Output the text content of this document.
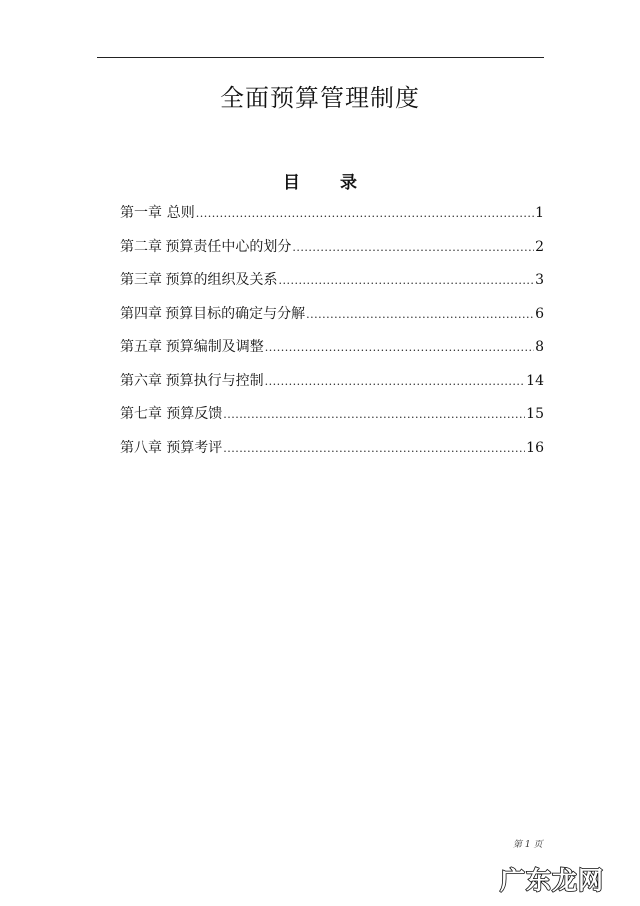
全面预算管理制度
目 录
第一章 总则 .....	1
第二章 预算责任中心的划分 .....	2
第三章 预算的组织及关系 .....	3
第四章 预算目标的确定与分解 .....	6
第五章 预算编制及调整 .....	8
第六章 预算执行与控制 .....	14
第七章 预算反馈 .....	15
第八章 预算考评 .....	16
第 1 页
广东龙网
